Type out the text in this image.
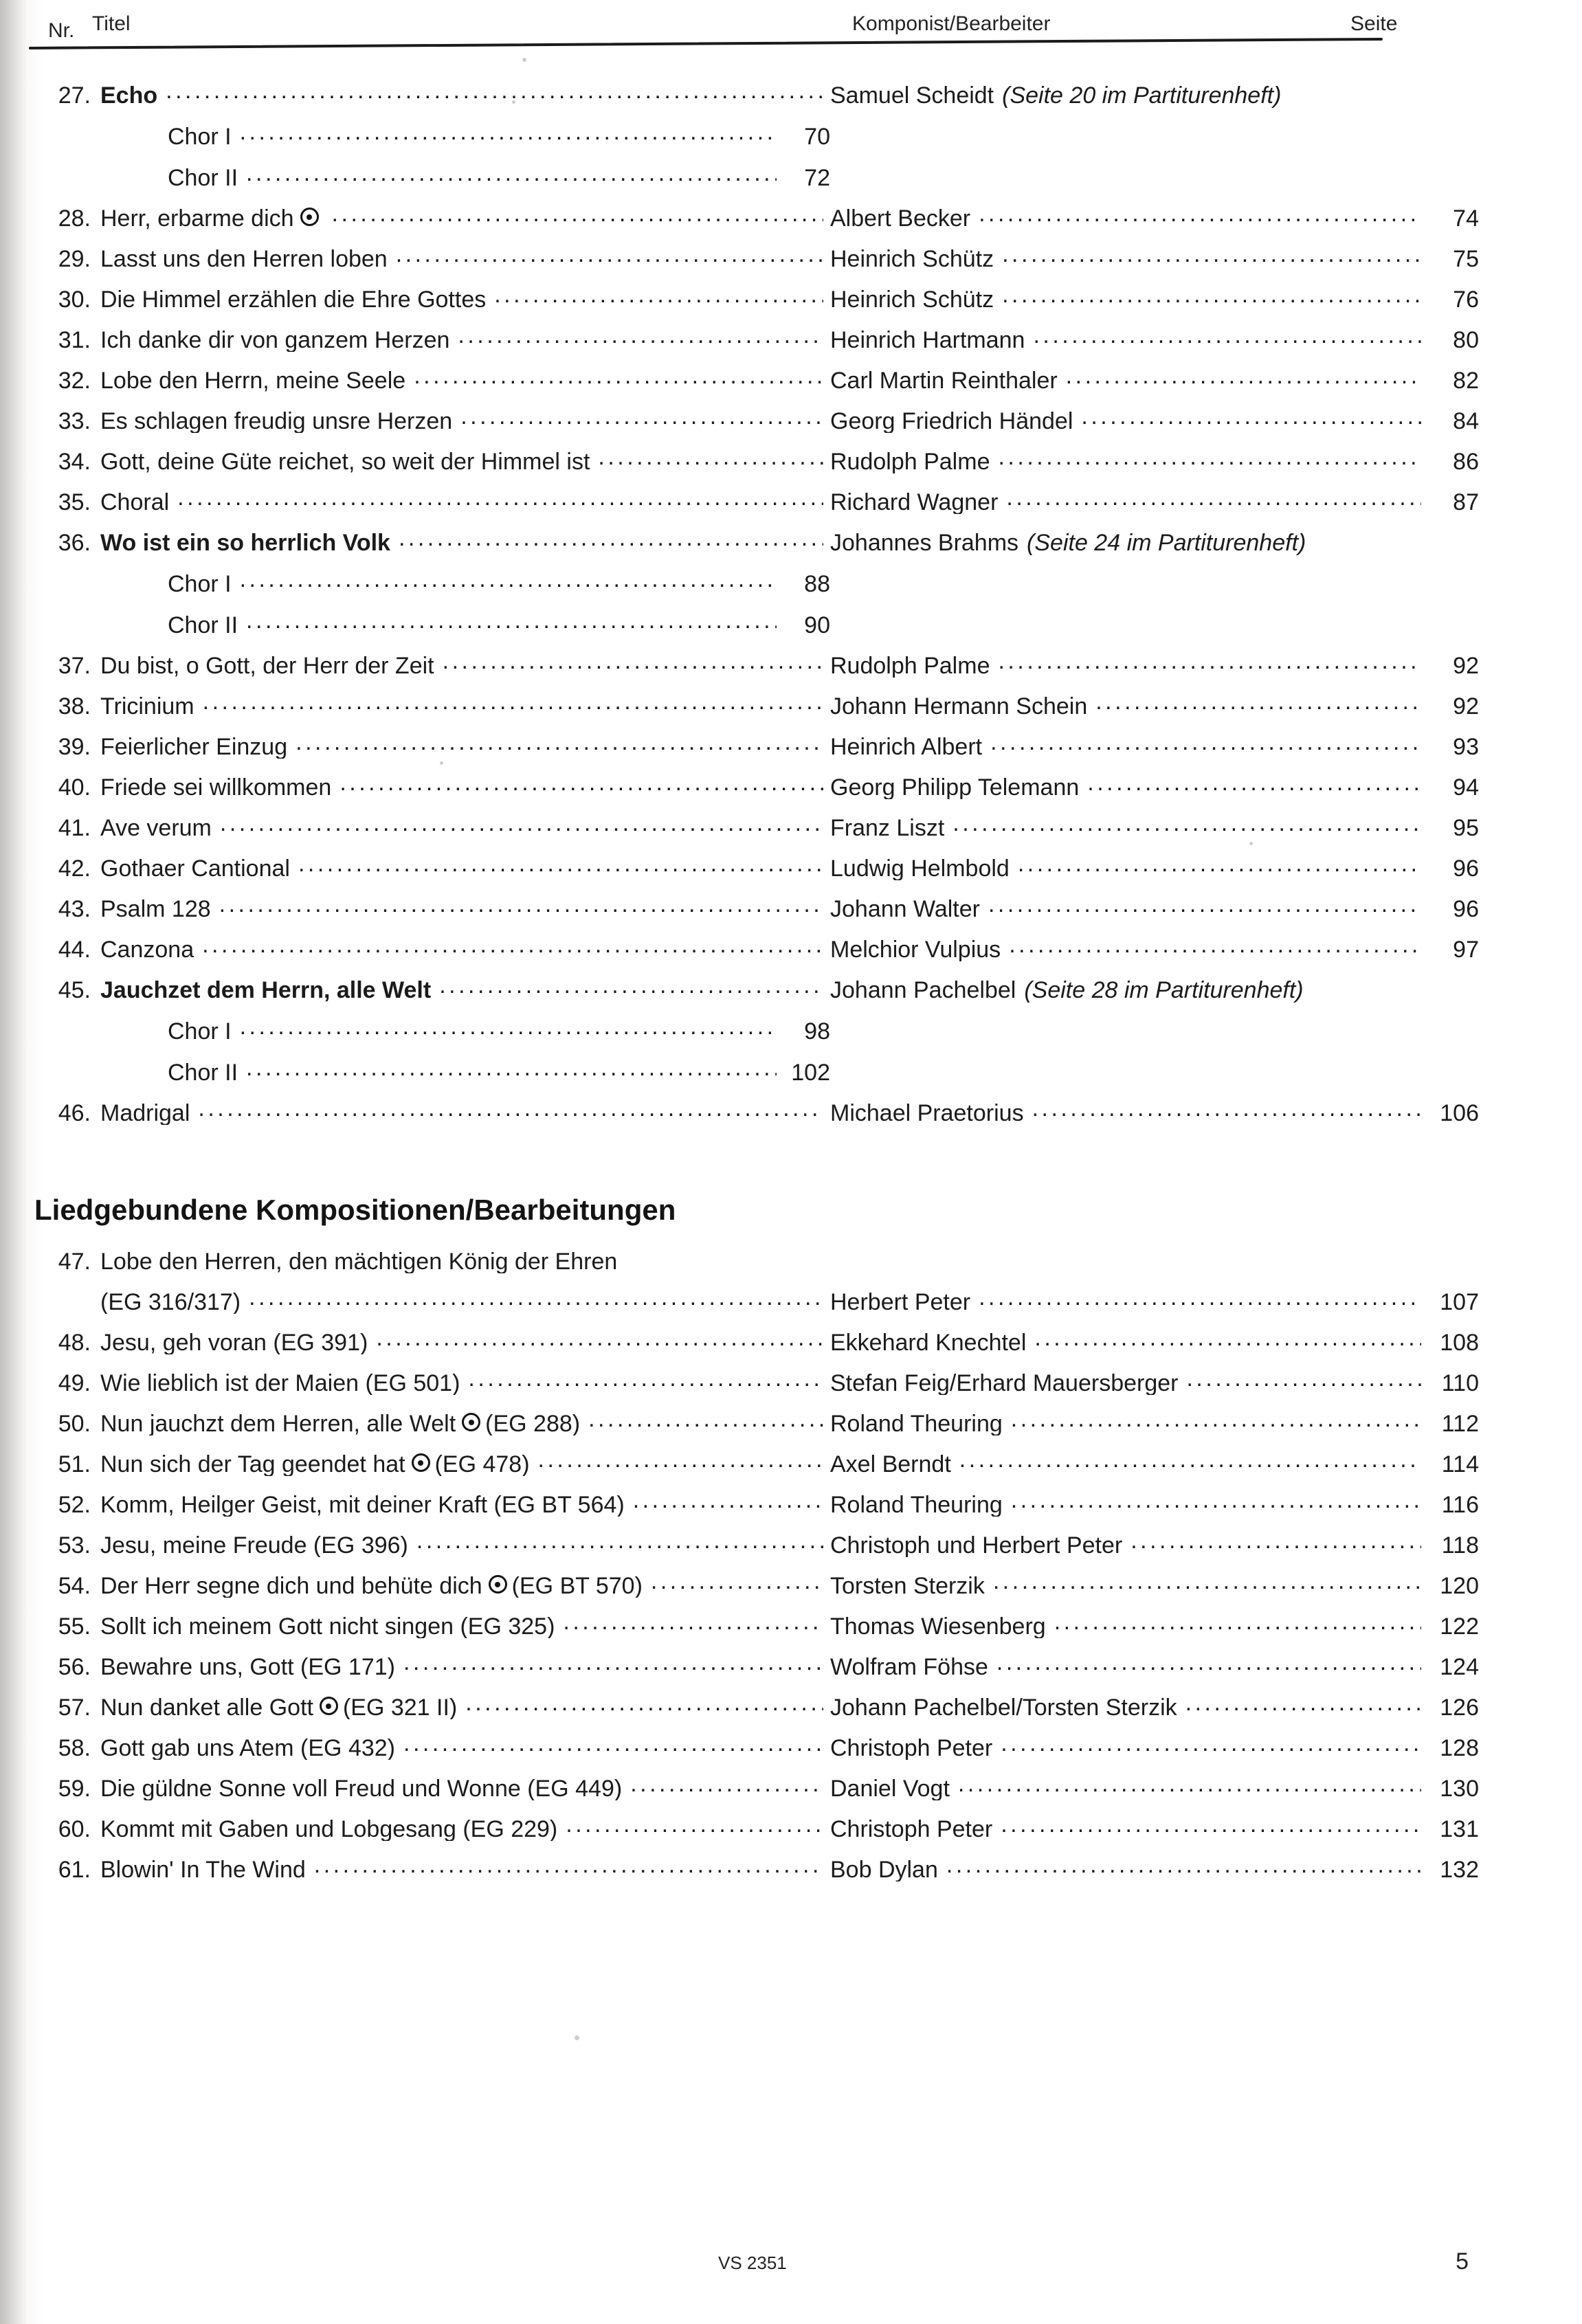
Nr. Titel	Komponist/Bearbeiter	Seite
27. Echo .....	Samuel Scheidt (Seite 20 im Partiturenheft)
Chor I .....	70
Chor II .....	72
28. Herr, erbarme dich .....	Albert Becker .....	74
29. Lasst uns den Herren loben .....	Heinrich Schütz .....	75
30. Die Himmel erzählen die Ehre Gottes .....	Heinrich Schütz .....	76
31. Ich danke dir von ganzem Herzen .....	Heinrich Hartmann .....	80
32. Lobe den Herrn, meine Seele .....	Carl Martin Reinthaler .....	82
33. Es schlagen freudig unsre Herzen .....	Georg Friedrich Händel .....	84
34. Gott, deine Güte reichet, so weit der Himmel ist .....	Rudolph Palme .....	86
35. Choral .....	Richard Wagner .....	87
36. Wo ist ein so herrlich Volk .....	Johannes Brahms (Seite 24 im Partiturenheft)
Chor I .....	88
Chor II .....	90
37. Du bist, o Gott, der Herr der Zeit .....	Rudolph Palme .....	92
38. Tricinium .....	Johann Hermann Schein .....	92
39. Feierlicher Einzug .....	Heinrich Albert .....	93
40. Friede sei willkommen .....	Georg Philipp Telemann .....	94
41. Ave verum .....	Franz Liszt .....	95
42. Gothaer Cantional .....	Ludwig Helmbold .....	96
43. Psalm 128 .....	Johann Walter .....	96
44. Canzona .....	Melchior Vulpius .....	97
45. Jauchzet dem Herrn, alle Welt .....	Johann Pachelbel (Seite 28 im Partiturenheft)
Chor I .....	98
Chor II .....	102
46. Madrigal .....	Michael Praetorius .....	106
Liedgebundene Kompositionen/Bearbeitungen
47. Lobe den Herren, den mächtigen König der Ehren
(EG 316/317) .....	Herbert Peter .....	107
48. Jesu, geh voran (EG 391) .....	Ekkehard Knechtel .....	108
49. Wie lieblich ist der Maien (EG 501) .....	Stefan Feig/Erhard Mauersberger .....	110
50. Nun jauchzt dem Herren, alle Welt (EG 288) .....	Roland Theuring .....	112
51. Nun sich der Tag geendet hat (EG 478) .....	Axel Berndt .....	114
52. Komm, Heilger Geist, mit deiner Kraft (EG BT 564) .....	Roland Theuring .....	116
53. Jesu, meine Freude (EG 396) .....	Christoph und Herbert Peter .....	118
54. Der Herr segne dich und behüte dich (EG BT 570) .....	Torsten Sterzik .....	120
55. Sollt ich meinem Gott nicht singen (EG 325) .....	Thomas Wiesenberg .....	122
56. Bewahre uns, Gott (EG 171) .....	Wolfram Föhse .....	124
57. Nun danket alle Gott (EG 321 II) .....	Johann Pachelbel/Torsten Sterzik .....	126
58. Gott gab uns Atem (EG 432) .....	Christoph Peter .....	128
59. Die güldne Sonne voll Freud und Wonne (EG 449) .....	Daniel Vogt .....	130
60. Kommt mit Gaben und Lobgesang (EG 229) .....	Christoph Peter .....	131
61. Blowin' In The Wind .....	Bob Dylan .....	132
VS 2351	5
